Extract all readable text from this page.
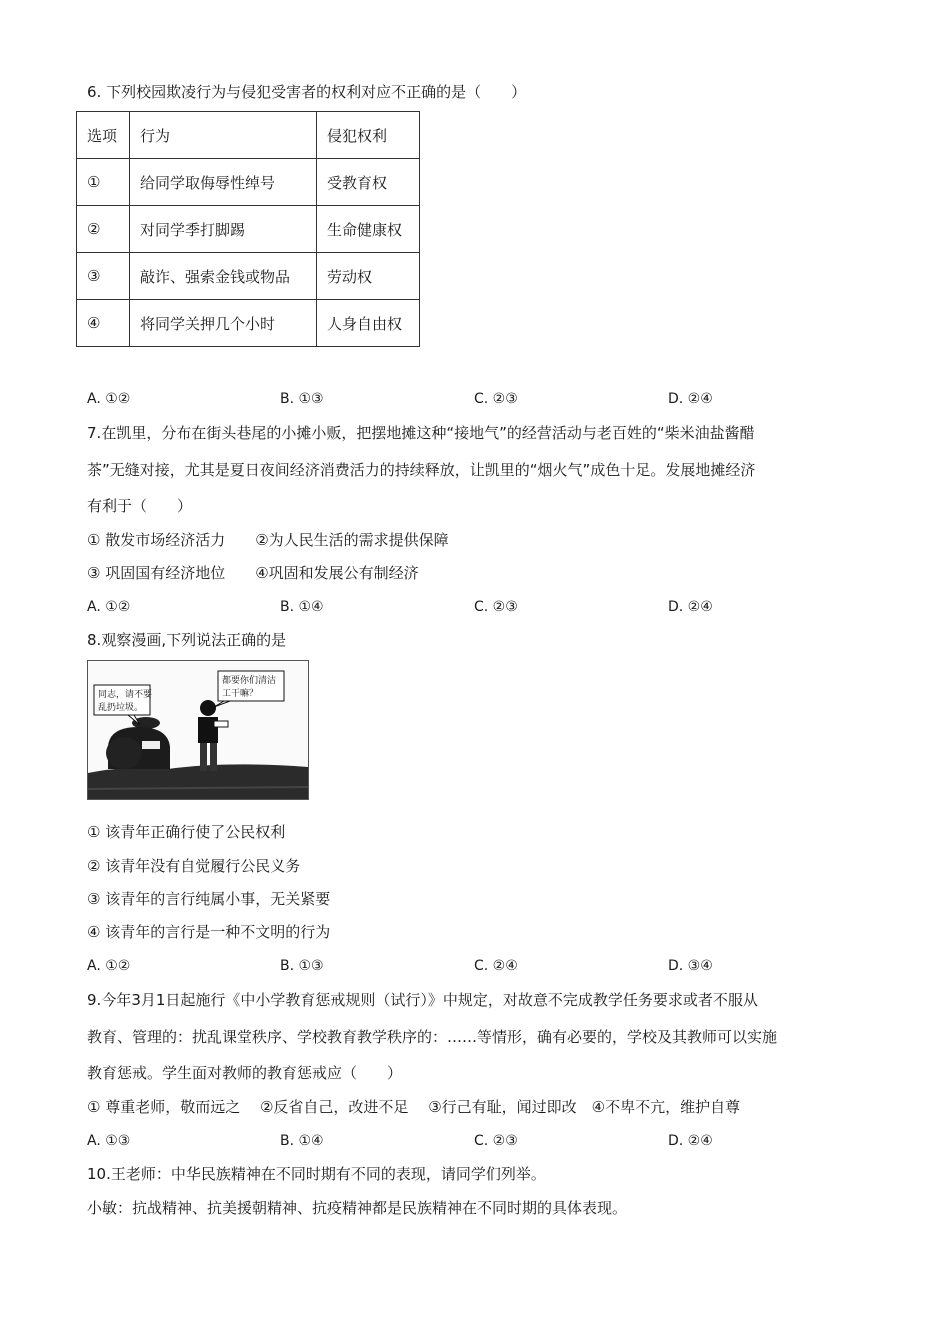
6. 下列校园欺凌行为与侵犯受害者的权利对应不正确的是（　　）
选项	行为	侵犯权利
①	给同学取侮辱性绰号	受教育权
②	对同学季打脚踢	生命健康权
③	敲诈、强索金钱或物品	劳动权
④	将同学关押几个小时	人身自由权
A. ①②	B. ①③	C. ②③	D. ②④
7.在凯里，分布在街头巷尾的小摊小贩，把摆地摊这种“接地气”的经营活动与老百姓的“柴米油盐酱醋
茶”无缝对接，尤其是夏日夜间经济消费活力的持续释放，让凯里的“烟火气”成色十足。发展地摊经济
有利于（　　）
① 散发市场经济活力　　②为人民生活的需求提供保障
③ 巩固国有经济地位　　④巩固和发展公有制经济
A. ①②	B. ①④	C. ②③	D. ②④
8.观察漫画,下列说法正确的是
同志，请不要
乱扔垃圾。
都要你们清洁
工干嘛？
① 该青年正确行使了公民权利
② 该青年没有自觉履行公民义务
③ 该青年的言行纯属小事，无关紧要
④ 该青年的言行是一种不文明的行为
A. ①②	B. ①③	C. ②④	D. ③④
9.今年3月1日起施行《中小学教育惩戒规则（试行）》中规定，对故意不完成教学任务要求或者不服从
教育、管理的：扰乱课堂秩序、学校教育教学秩序的：……等情形，确有必要的，学校及其教师可以实施
教育惩戒。学生面对教师的教育惩戒应（　　）
① 尊重老师，敬而远之　 ②反省自己，改进不足　 ③行己有耻，闻过即改　④不卑不亢，维护自尊
A. ①③	B. ①④	C. ②③	D. ②④
10.王老师：中华民族精神在不同时期有不同的表现，请同学们列举。
小敏：抗战精神、抗美援朝精神、抗疫精神都是民族精神在不同时期的具体表现。
